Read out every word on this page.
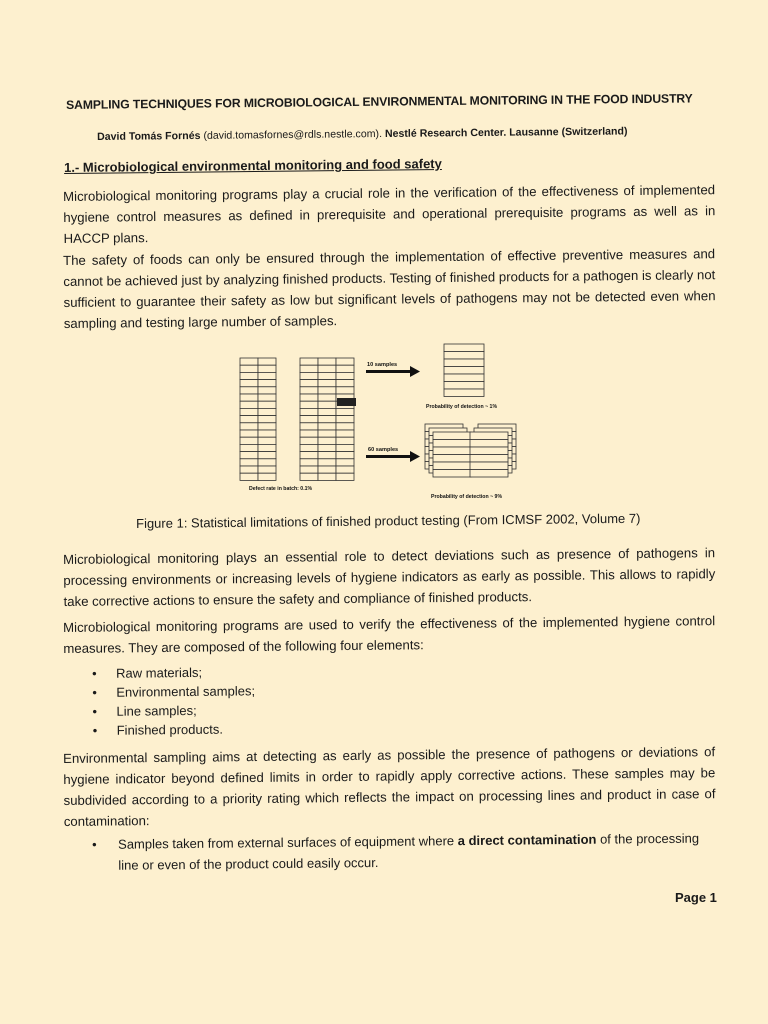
SAMPLING TECHNIQUES FOR MICROBIOLOGICAL ENVIRONMENTAL MONITORING IN THE FOOD INDUSTRY
David Tomás Fornés (david.tomasfornes@rdls.nestle.com). Nestlé Research Center. Lausanne (Switzerland)
1.- Microbiological environmental monitoring and food safety
Microbiological monitoring programs play a crucial role in the verification of the effectiveness of implemented hygiene control measures as defined in prerequisite and operational prerequisite programs as well as in HACCP plans.
The safety of foods can only be ensured through the implementation of effective preventive measures and cannot be achieved just by analyzing finished products. Testing of finished products for a pathogen is clearly not sufficient to guarantee their safety as low but significant levels of pathogens may not be detected even when sampling and testing large number of samples.
10 samples
60 samples
Probability of detection ~ 1%
Defect rate in batch: 0.1%
Probability of detection ~ 9%
Figure 1: Statistical limitations of finished product testing (From ICMSF 2002, Volume 7)
Microbiological monitoring plays an essential role to detect deviations such as presence of pathogens in processing environments or increasing levels of hygiene indicators as early as possible. This allows to rapidly take corrective actions to ensure the safety and compliance of finished products.
Microbiological monitoring programs are used to verify the effectiveness of the implemented hygiene control measures. They are composed of the following four elements:
• Raw materials;
• Environmental samples;
• Line samples;
• Finished products.
Environmental sampling aims at detecting as early as possible the presence of pathogens or deviations of hygiene indicator beyond defined limits in order to rapidly apply corrective actions. These samples may be subdivided according to a priority rating which reflects the impact on processing lines and product in case of contamination:
•	Samples taken from external surfaces of equipment where a direct contamination of the processing line or even of the product could easily occur.
Page 1
